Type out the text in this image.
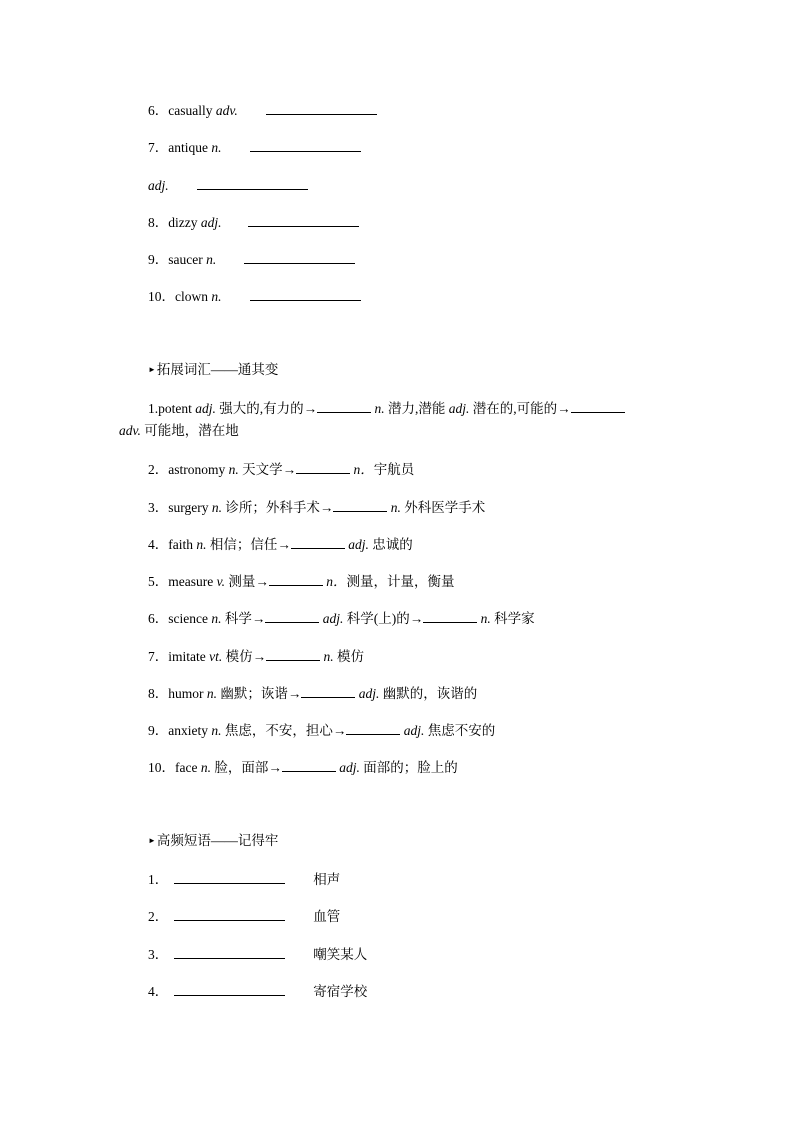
6．casually adv.
7．antique n.
adj.
8．dizzy adj.
9．saucer n.
10．clown n.
►拓展词汇——通其变
1.potent adj. 强大的,有力的→	n. 潜力,潜能 adj. 潜在的,可能的→
adv. 可能地，潜在地
2．astronomy n. 天文学→	n．宇航员
3．surgery n. 诊所；外科手术→	n. 外科医学手术
4．faith n. 相信；信任→	adj. 忠诚的
5．measure v. 测量→	n．测量，计量，衡量
6．science n. 科学→	adj. 科学(上)的→	n. 科学家
7．imitate vt. 模仿→	n. 模仿
8．humor n. 幽默；诙谐→	adj. 幽默的，诙谐的
9．anxiety n. 焦虑，不安，担心→	adj. 焦虑不安的
10．face n. 脸，面部→	adj. 面部的；脸上的
►高频短语——记得牢
1．	相声
2．	血管
3．	嘲笑某人
4．	寄宿学校
